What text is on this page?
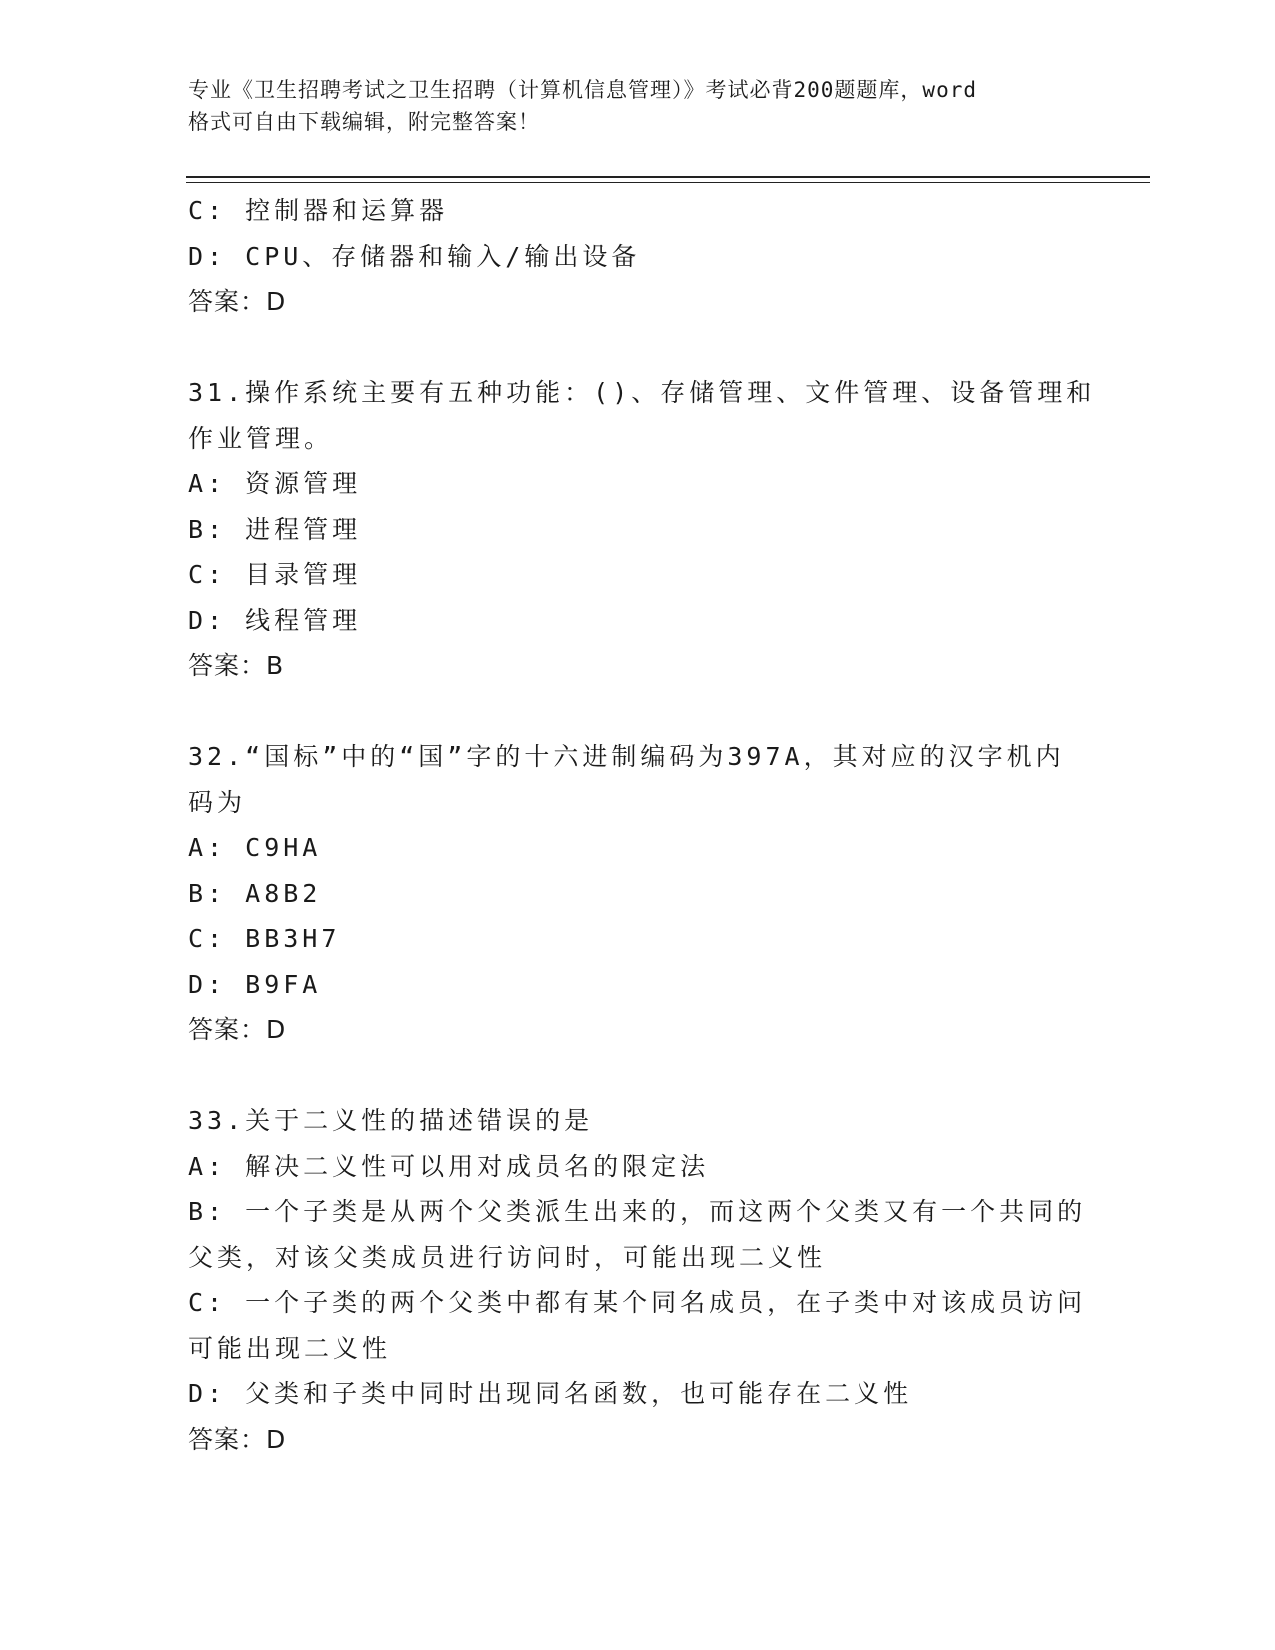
专业《卫生招聘考试之卫生招聘（计算机信息管理）》考试必背200题题库，word
格式可自由下载编辑，附完整答案！
C: 控制器和运算器
D: CPU、存储器和输入/输出设备
答案：D
31.操作系统主要有五种功能：()、存储管理、文件管理、设备管理和
作业管理。
A: 资源管理
B: 进程管理
C: 目录管理
D: 线程管理
答案：B
32.“国标”中的“国”字的十六进制编码为397A，其对应的汉字机内
码为
A: C9HA
B: A8B2
C: BB3H7
D: B9FA
答案：D
33.关于二义性的描述错误的是
A: 解决二义性可以用对成员名的限定法
B: 一个子类是从两个父类派生出来的，而这两个父类又有一个共同的
父类，对该父类成员进行访问时，可能出现二义性
C: 一个子类的两个父类中都有某个同名成员，在子类中对该成员访问
可能出现二义性
D: 父类和子类中同时出现同名函数，也可能存在二义性
答案：D
